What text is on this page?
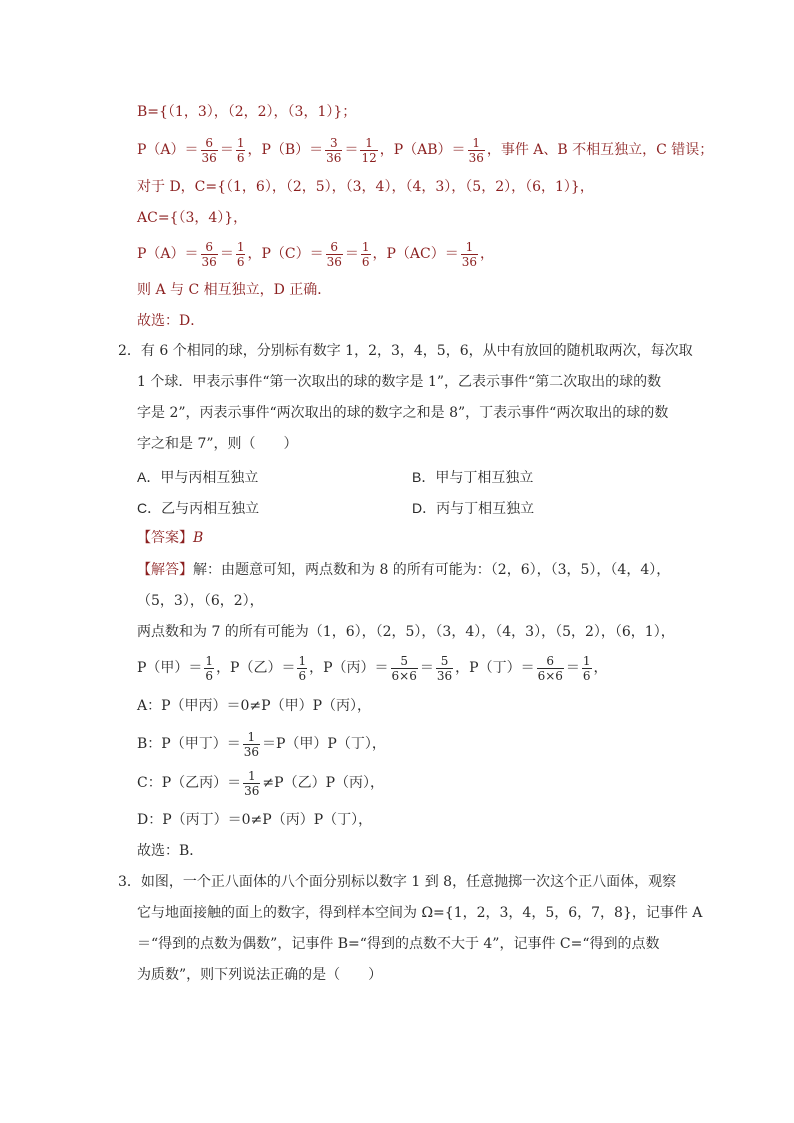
B={（1，3），（2，2），（3，1）}；
$P(A)= \frac{6}{36} = \frac{1}{6}$ ，$P(B)= \frac{3}{36} = \frac{1}{12}$ ，$P(AB)= \frac{1}{36}$ ，事件 A、B 不相互独立，C 错误；
对于 D，C={（1，6），（2，5），（3，4），（4，3），（5，2），（6，1）}，
AC={（3，4）}，
$P(A)= \frac{6}{36} = \frac{1}{6}$ ，$P(C)= \frac{6}{36} = \frac{1}{6}$ ，$P(AC)= \frac{1}{36}$ ，
则 A 与 C 相互独立，D 正确．
故选：D．
2．有 6 个相同的球，分别标有数字 1，2，3，4，5，6，从中有放回的随机取两次，每次取
1 个球．甲表示事件“第一次取出的球的数字是 1”，乙表示事件“第二次取出的球的数
字是 2”，丙表示事件“两次取出的球的数字之和是 8”，丁表示事件“两次取出的球的数
字之和是 7”，则（　　）
A．甲与丙相互独立	B．甲与丁相互独立
C．乙与丙相互独立	D．丙与丁相互独立
【答案】B
【解答】解：由题意可知，两点数和为 8 的所有可能为：（2，6），（3，5），（4，4），
（5，3），（6，2），
两点数和为 7 的所有可能为（1，6），（2，5），（3，4），（4，3），（5，2），（6，1），
P（甲）＝ $\frac{1}{6}$ ，P（乙）＝ $\frac{1}{6}$ ，P（丙）＝ $\frac{5}{6\times 6} = \frac{5}{36}$ ，P（丁）＝ $\frac{6}{6\times 6} = \frac{1}{6}$ ，
A：P（甲丙）＝0≠P（甲）P（丙），
B：P（甲丁）＝ $\frac{1}{36} =P$（甲）P（丁），
C：P（乙丙）＝ $\frac{1}{36} \ne P$（乙）P（丙），
D：P（丙丁）＝0≠P（丙）P（丁），
故选：B．
3．如图，一个正八面体的八个面分别标以数字 1 到 8，任意抛掷一次这个正八面体，观察
它与地面接触的面上的数字，得到样本空间为 Ω={1，2，3，4，5，6，7，8}，记事件 A
＝“得到的点数为偶数”，记事件 B=“得到的点数不大于 4”，记事件 C=“得到的点数
为质数”，则下列说法正确的是（　　）
